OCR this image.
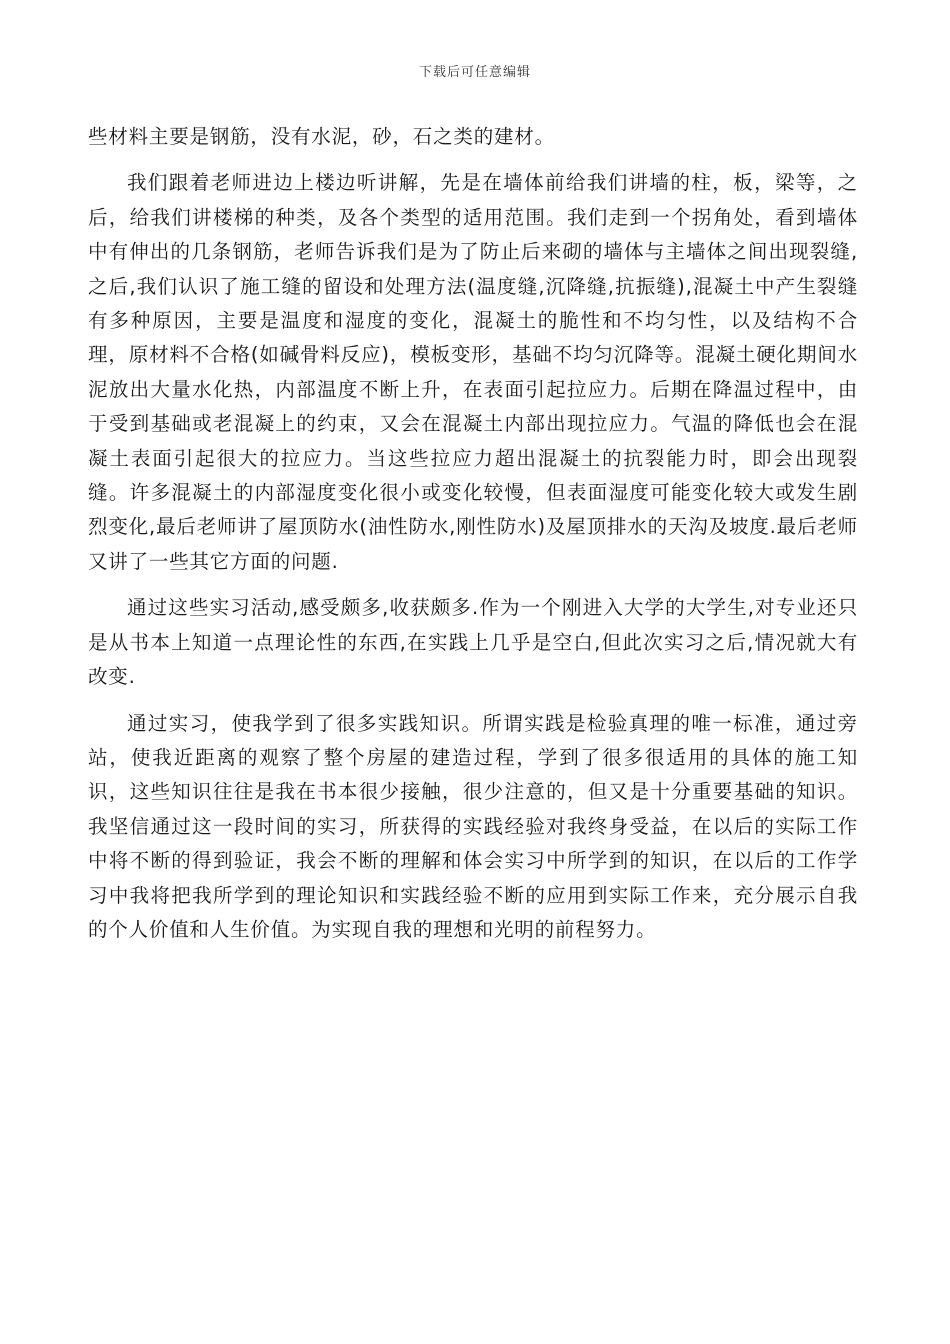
下载后可任意编辑

些材料主要是钢筋，没有水泥，砂，石之类的建材。

我们跟着老师进边上楼边听讲解，先是在墙体前给我们讲墙的柱，板，梁等，之后，给我们讲楼梯的种类，及各个类型的适用范围。我们走到一个拐角处，看到墙体中有伸出的几条钢筋，老师告诉我们是为了防止后来砌的墙体与主墙体之间出现裂缝,之后,我们认识了施工缝的留设和处理方法(温度缝,沉降缝,抗振缝),混凝土中产生裂缝有多种原因，主要是温度和湿度的变化，混凝土的脆性和不均匀性，以及结构不合理，原材料不合格(如碱骨料反应)，模板变形，基础不均匀沉降等。混凝土硬化期间水泥放出大量水化热，内部温度不断上升，在表面引起拉应力。后期在降温过程中，由于受到基础或老混凝上的约束，又会在混凝土内部出现拉应力。气温的降低也会在混凝土表面引起很大的拉应力。当这些拉应力超出混凝土的抗裂能力时，即会出现裂缝。许多混凝土的内部湿度变化很小或变化较慢，但表面湿度可能变化较大或发生剧烈变化,最后老师讲了屋顶防水(油性防水,刚性防水)及屋顶排水的天沟及坡度.最后老师又讲了一些其它方面的问题.

通过这些实习活动,感受颇多,收获颇多.作为一个刚进入大学的大学生,对专业还只是从书本上知道一点理论性的东西,在实践上几乎是空白,但此次实习之后,情况就大有改变.

通过实习，使我学到了很多实践知识。所谓实践是检验真理的唯一标准，通过旁站，使我近距离的观察了整个房屋的建造过程，学到了很多很适用的具体的施工知识，这些知识往往是我在书本很少接触，很少注意的，但又是十分重要基础的知识。我坚信通过这一段时间的实习，所获得的实践经验对我终身受益，在以后的实际工作中将不断的得到验证，我会不断的理解和体会实习中所学到的知识，在以后的工作学习中我将把我所学到的理论知识和实践经验不断的应用到实际工作来，充分展示自我的个人价值和人生价值。为实现自我的理想和光明的前程努力。
